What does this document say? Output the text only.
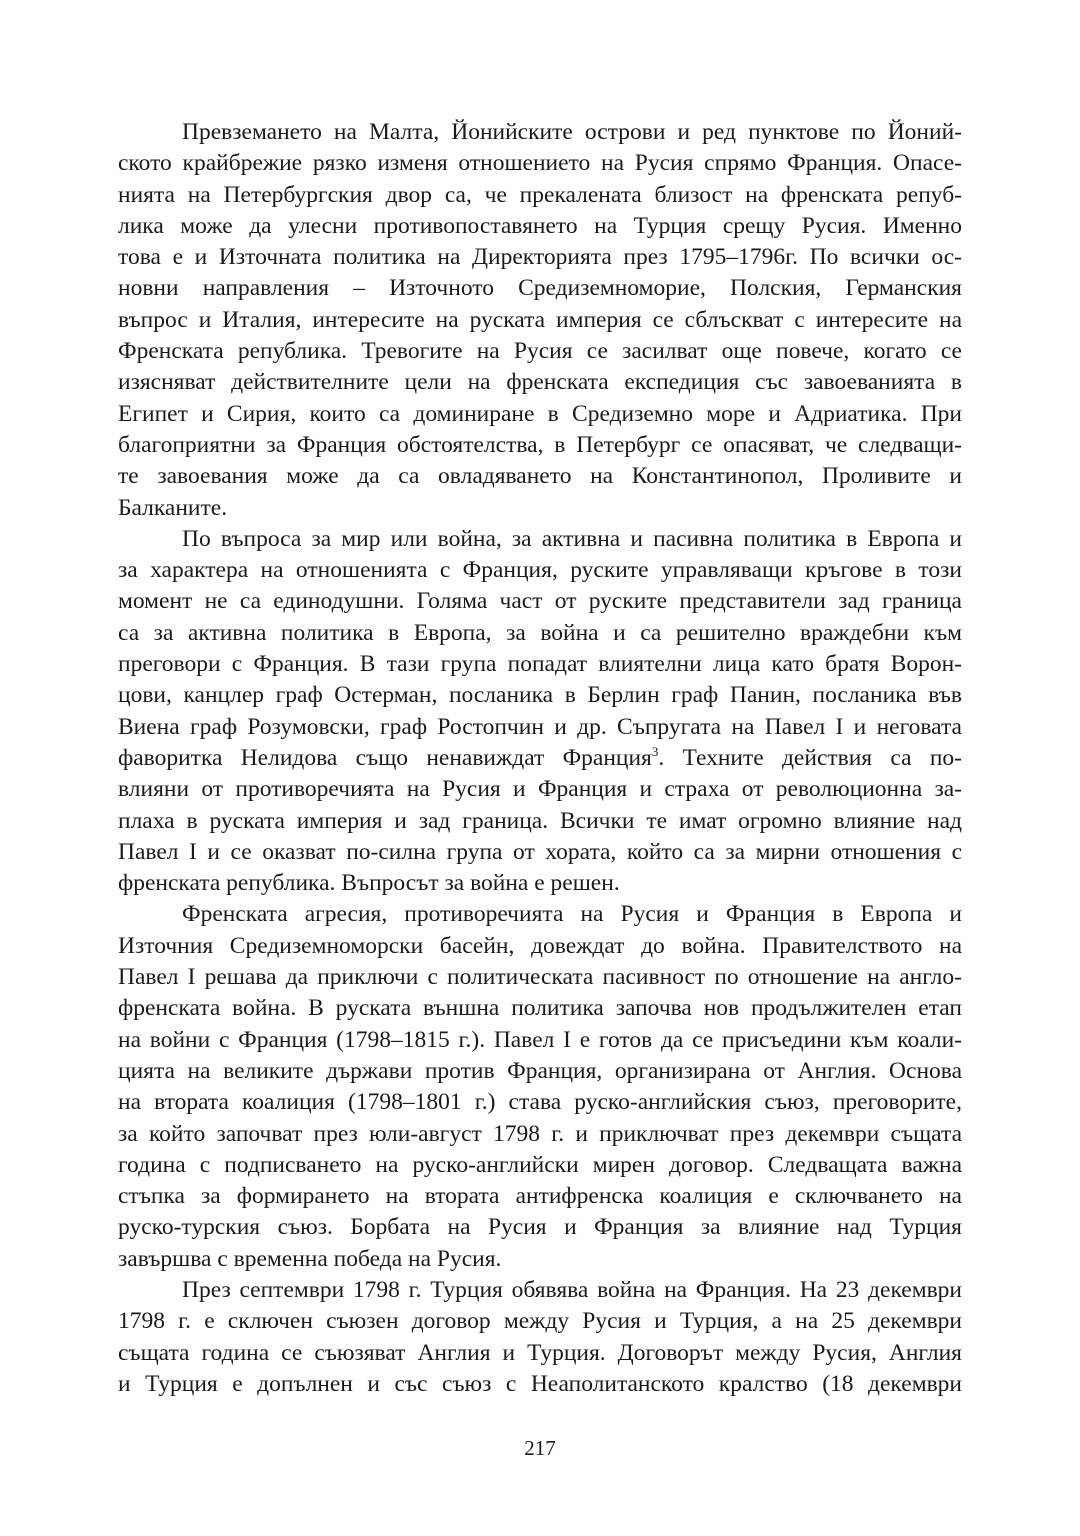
Превземането на Малта, Йонийските острови и ред пунктове по Йоний-
ското крайбрежие рязко изменя отношението на Русия спрямо Франция. Опасе-
нията на Петербургския двор са, че прекалената близост на френската репуб-
лика може да улесни противопоставянето на Турция срещу Русия. Именно
това е и Източната политика на Директорията през 1795–1796г. По всички ос-
новни направления – Източното Средиземноморие, Полския, Германския
въпрос и Италия, интересите на руската империя се сблъскват с интересите на
Френската република. Тревогите на Русия се засилват още повече, когато се
изясняват действителните цели на френската експедиция със завоеванията в
Египет и Сирия, които са доминиране в Средиземно море и Адриатика. При
благоприятни за Франция обстоятелства, в Петербург се опасяват, че следващи-
те завоевания може да са овладяването на Константинопол, Проливите и
Балканите.
По въпроса за мир или война, за активна и пасивна политика в Европа и
за характера на отношенията с Франция, руските управляващи кръгове в този
момент не са единодушни. Голяма част от руските представители зад граница
са за активна политика в Европа, за война и са решително враждебни към
преговори с Франция. В тази група попадат влиятелни лица като братя Ворон-
цови, канцлер граф Остерман, посланика в Берлин граф Панин, посланика във
Виена граф Розумовски, граф Ростопчин и др. Съпругата на Павел I и неговата
фаворитка Нелидова също ненавиждат Франция$^3$. Техните действия са по-
влияни от противоречията на Русия и Франция и страха от революционна за-
плаха в руската империя и зад граница. Всички те имат огромно влияние над
Павел I и се оказват по-силна група от хората, който са за мирни отношения с
френската република. Въпросът за война е решен.
Френската агресия, противоречията на Русия и Франция в Европа и
Източния Средиземноморски басейн, довеждат до война. Правителството на
Павел I решава да приключи с политическата пасивност по отношение на англо-
френската война. В руската външна политика започва нов продължителен етап
на войни с Франция (1798–1815 г.). Павел I е готов да се присъедини към коали-
цията на великите държави против Франция, организирана от Англия. Основа
на втората коалиция (1798–1801 г.) става руско-английския съюз, преговорите,
за който започват през юли-август 1798 г. и приключват през декември същата
година с подписването на руско-английски мирен договор. Следващата важна
стъпка за формирането на втората антифренска коалиция е сключването на
руско-турския съюз. Борбата на Русия и Франция за влияние над Турция
завършва с временна победа на Русия.
През септември 1798 г. Турция обявява война на Франция. На 23 декември
1798 г. е сключен съюзен договор между Русия и Турция, а на 25 декември
същата година се съюзяват Англия и Турция. Договорът между Русия, Англия
и Турция е допълнен и със съюз с Неаполитанското кралство (18 декември
217
